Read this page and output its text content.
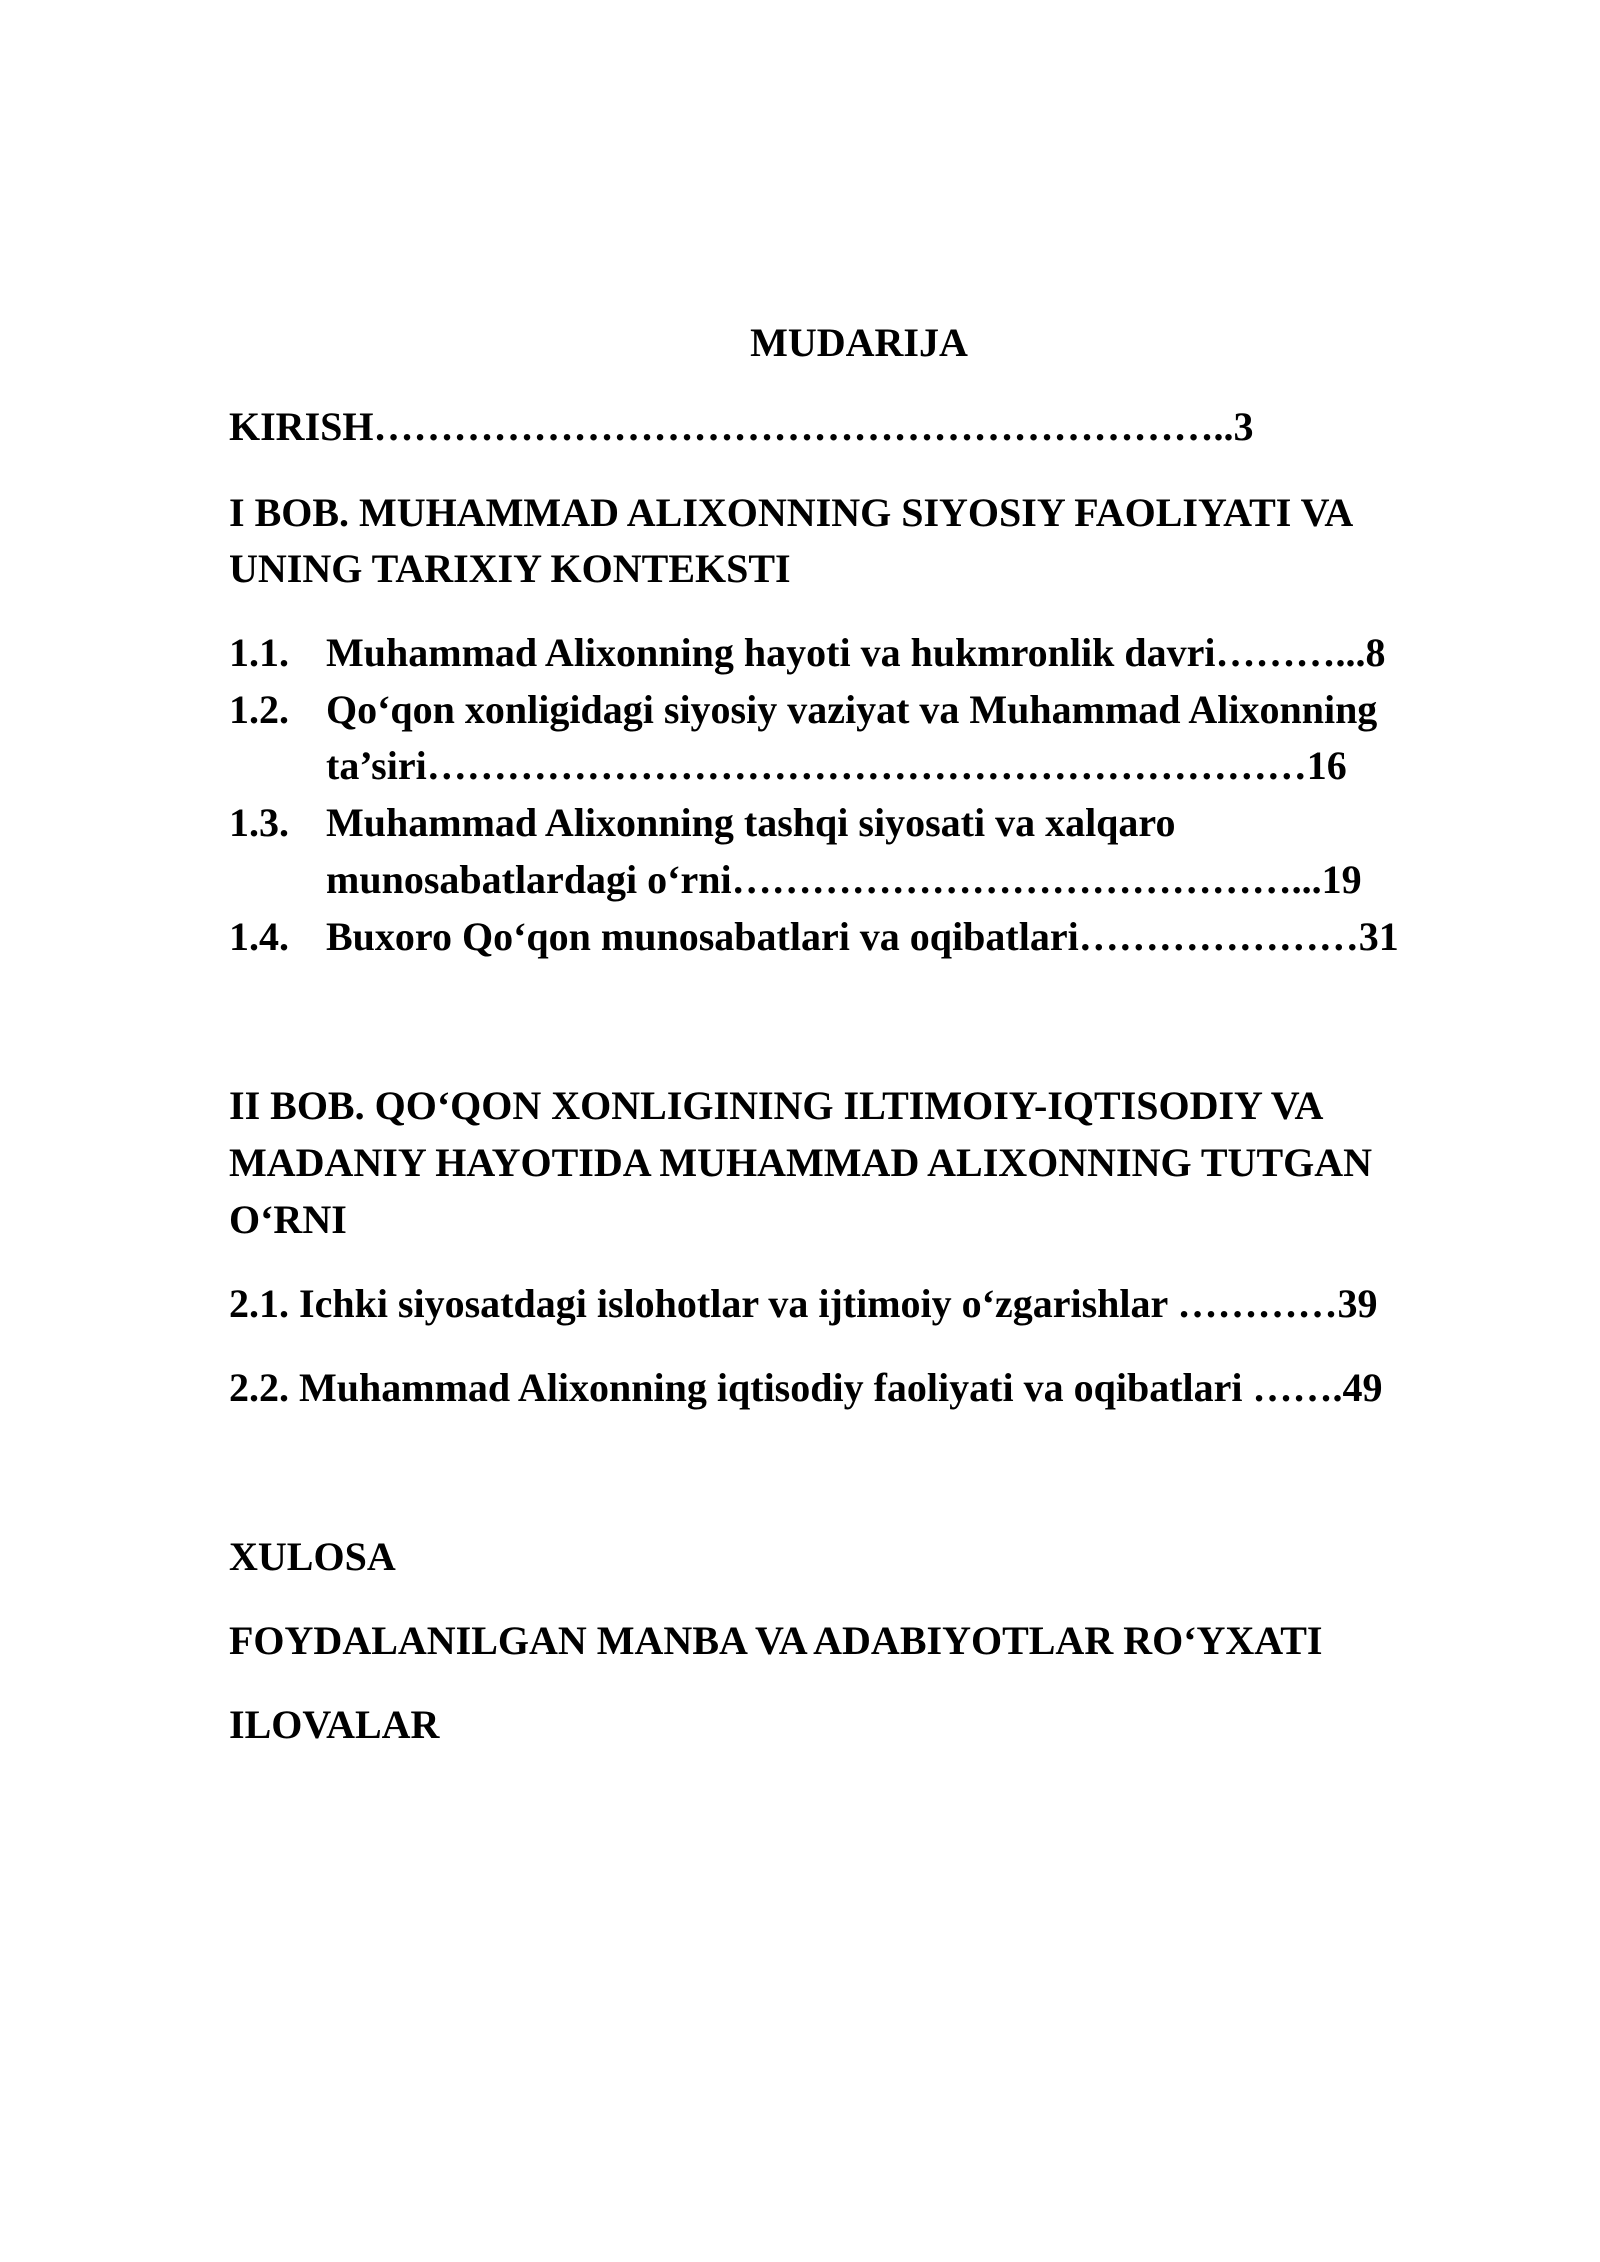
MUDARIJA
KIRISH………………………………………………………..3
I BOB. MUHAMMAD ALIXONNING SIYOSIY FAOLIYATI VA
UNING TARIXIY KONTEKSTI
1.1. Muhammad Alixonning hayoti va hukmronlik davri………...8
1.2. Qo‘qon xonligidagi siyosiy vaziyat va Muhammad Alixonning
ta’siri…………………………………………………………16
1.3. Muhammad Alixonning tashqi siyosati va xalqaro
munosabatlardagi o‘rni……………………………………...19
1.4. Buxoro Qo‘qon munosabatlari va oqibatlari…………………31
II BOB. QO‘QON XONLIGINING ILTIMOIY-IQTISODIY VA
MADANIY HAYOTIDA MUHAMMAD ALIXONNING TUTGAN
O‘RNI
2.1. Ichki siyosatdagi islohotlar va ijtimoiy o‘zgarishlar …………39
2.2. Muhammad Alixonning iqtisodiy faoliyati va oqibatlari …….49
XULOSA
FOYDALANILGAN MANBA VA ADABIYOTLAR RO‘YXATI
ILOVALAR
